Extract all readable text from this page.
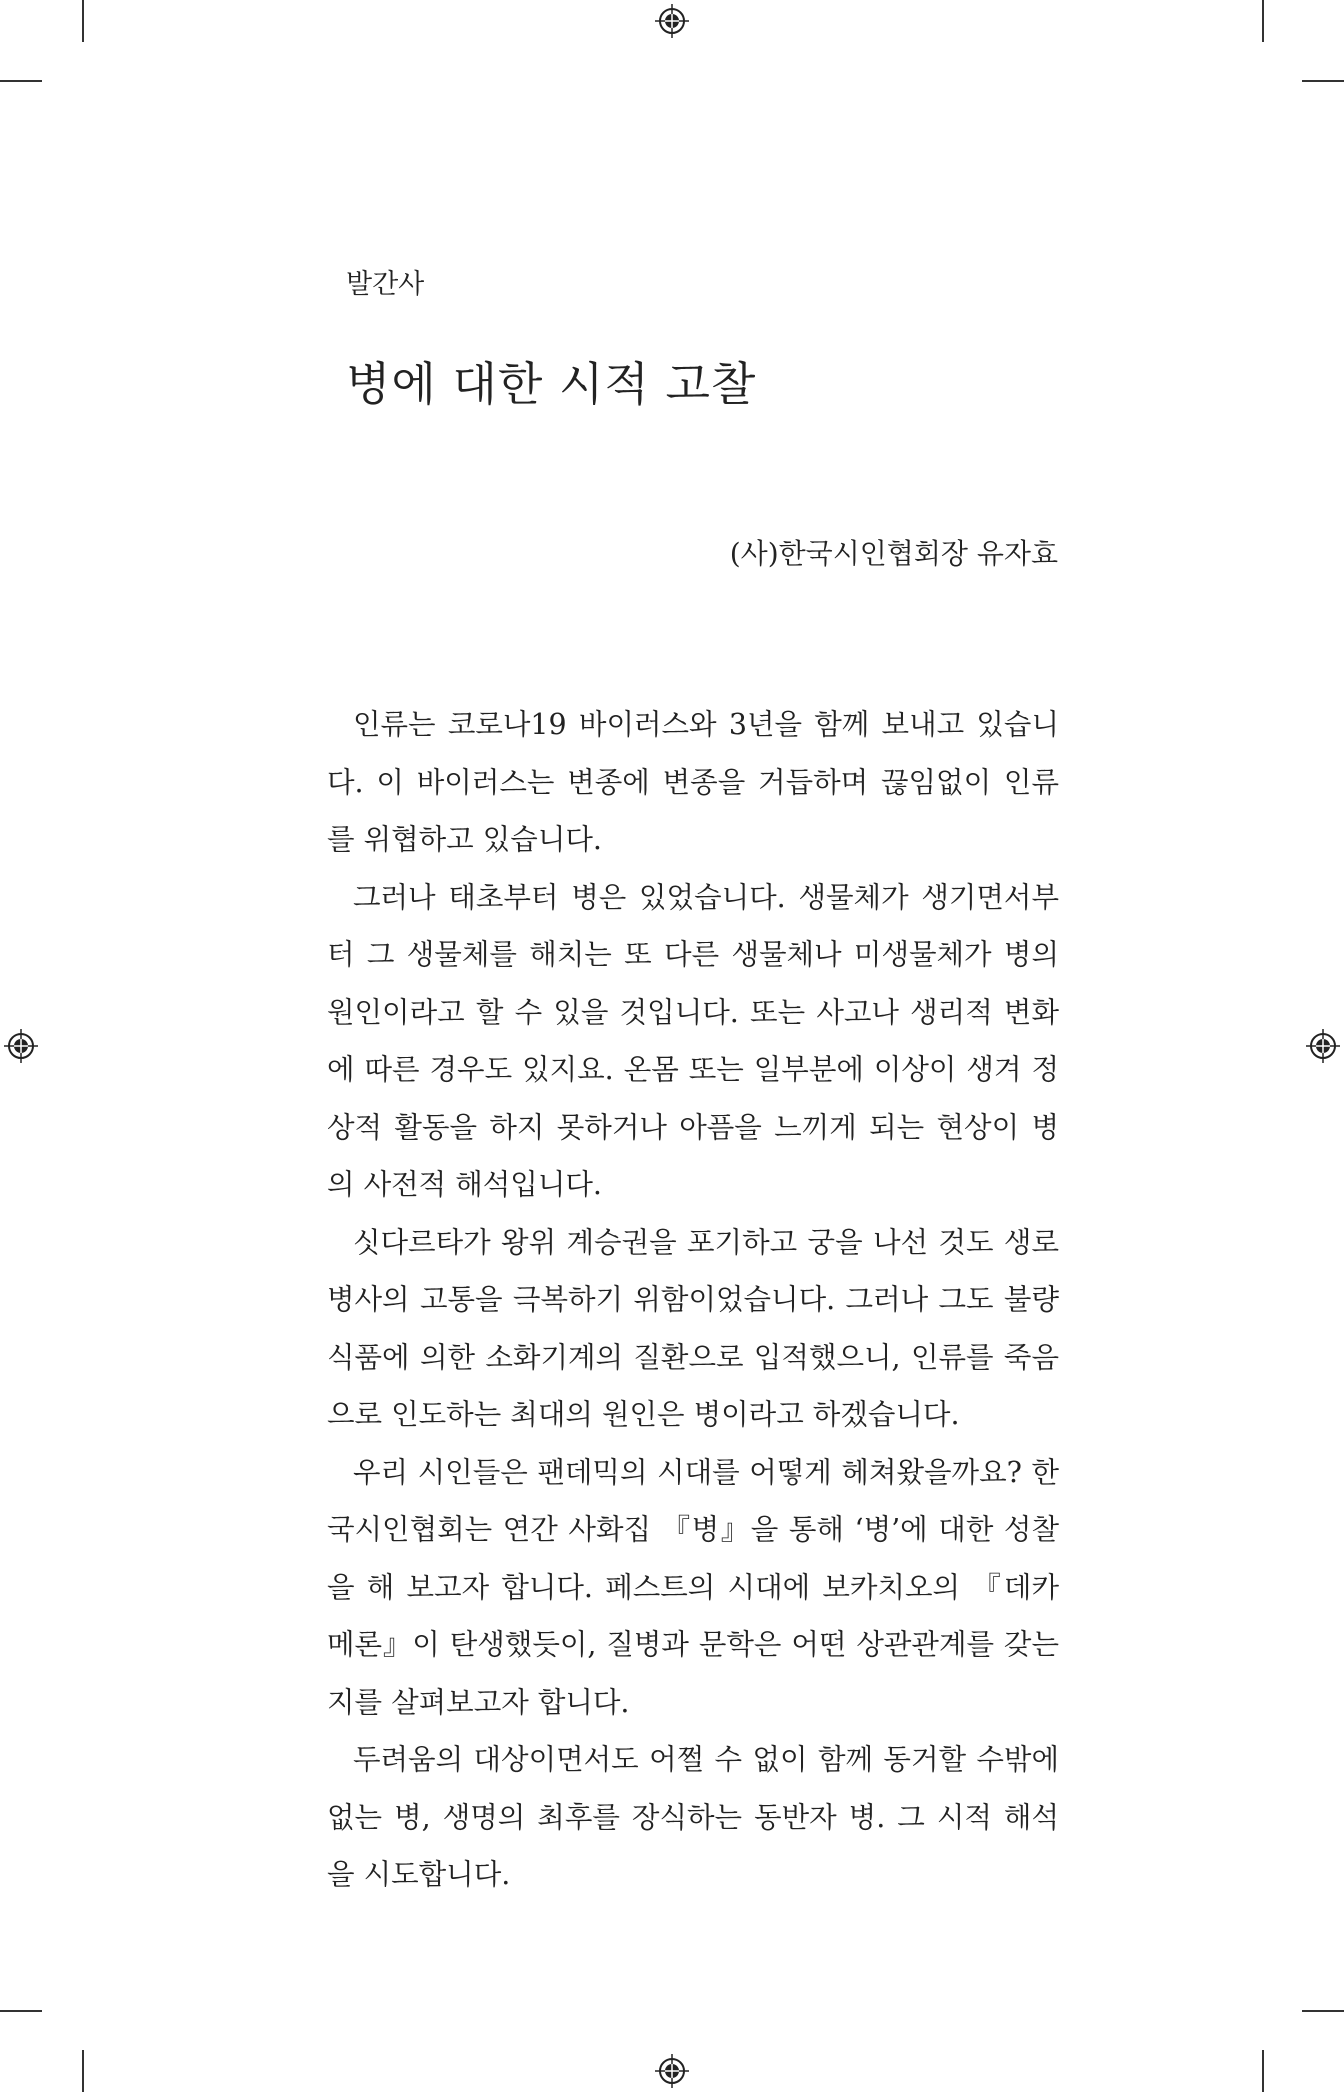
발간사
병에 대한 시적 고찰
(사)한국시인협회장 유자효

인류는 코로나19 바이러스와 3년을 함께 보내고 있습니다. 이 바이러스는 변종에 변종을 거듭하며 끊임없이 인류를 위협하고 있습니다.

그러나 태초부터 병은 있었습니다. 생물체가 생기면서부터 그 생물체를 해치는 또 다른 생물체나 미생물체가 병의 원인이라고 할 수 있을 것입니다. 또는 사고나 생리적 변화에 따른 경우도 있지요. 온몸 또는 일부분에 이상이 생겨 정상적 활동을 하지 못하거나 아픔을 느끼게 되는 현상이 병의 사전적 해석입니다.

싯다르타가 왕위 계승권을 포기하고 궁을 나선 것도 생로병사의 고통을 극복하기 위함이었습니다. 그러나 그도 불량식품에 의한 소화기계의 질환으로 입적했으니, 인류를 죽음으로 인도하는 최대의 원인은 병이라고 하겠습니다.

우리 시인들은 팬데믹의 시대를 어떻게 헤쳐왔을까요? 한국시인협회는 연간 사화집 『병』을 통해 ‘병’에 대한 성찰을 해 보고자 합니다. 페스트의 시대에 보카치오의 『데카메론』이 탄생했듯이, 질병과 문학은 어떤 상관관계를 갖는지를 살펴보고자 합니다.

두려움의 대상이면서도 어쩔 수 없이 함께 동거할 수밖에 없는 병, 생명의 최후를 장식하는 동반자 병. 그 시적 해석을 시도합니다.
